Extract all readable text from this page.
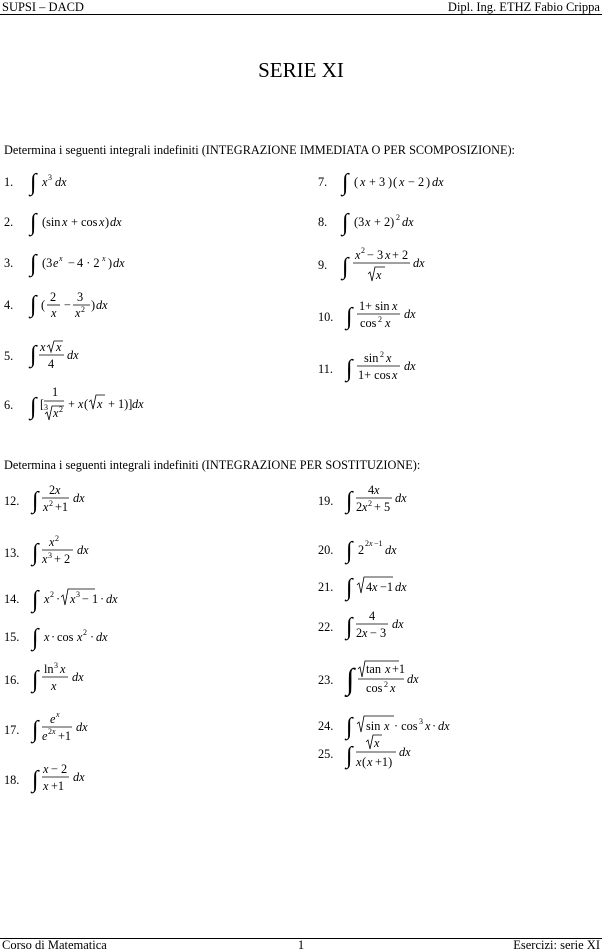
SUPSI – DACD	Dipl. Ing. ETHZ Fabio Crippa
SERIE XI
Determina i seguenti integrali indefiniti (INTEGRAZIONE IMMEDIATA O PER SCOMPOSIZIONE):
1. ∫ x 3 dx
2. ∫ (sin x + cos x ) dx
3. ∫ (3 e x − 4 · 2 x ) dx
4. ∫ (
2
x
−
3
x 2 ) dx
5. ∫ x x
4
dx
6. ∫ [
1
3 x 2 + x ( x + 1)] dx
7. ∫ ( x + 3 ) ( x − 2 ) dx
8. ∫ (3 x + 2) 2 dx
9. ∫ x 2 − 3 x + 2
x
dx
10. ∫ 1+ sin x
cos 2 x
dx
11. ∫ sin 2 x
1+ cos x
dx
Determina i seguenti integrali indefiniti (INTEGRAZIONE PER SOSTITUZIONE):
12. ∫ 2 x
x 2 +1
dx
13. ∫ x 2
x 3 + 2
dx
14. ∫ x 2 · x 3 − 1 · dx
15. ∫ x · cos x 2 · dx
16. ∫ ln 3 x
x
dx
17. ∫ e x
e 2 x +1
dx
18. ∫ x − 2
x +1
dx
19. ∫ 4 x
2 x 2 + 5
dx
20. ∫ 2 2 x −1 dx
21. ∫ 4 x −1 dx
22. ∫ 4
2 x − 3
dx
23. ∫ tan x +1
cos 2 x
dx
24. ∫ sin x · cos 3 x · dx
25. ∫ x
x ( x +1)
dx
Corso di Matematica	1	Esercizi: serie XI
